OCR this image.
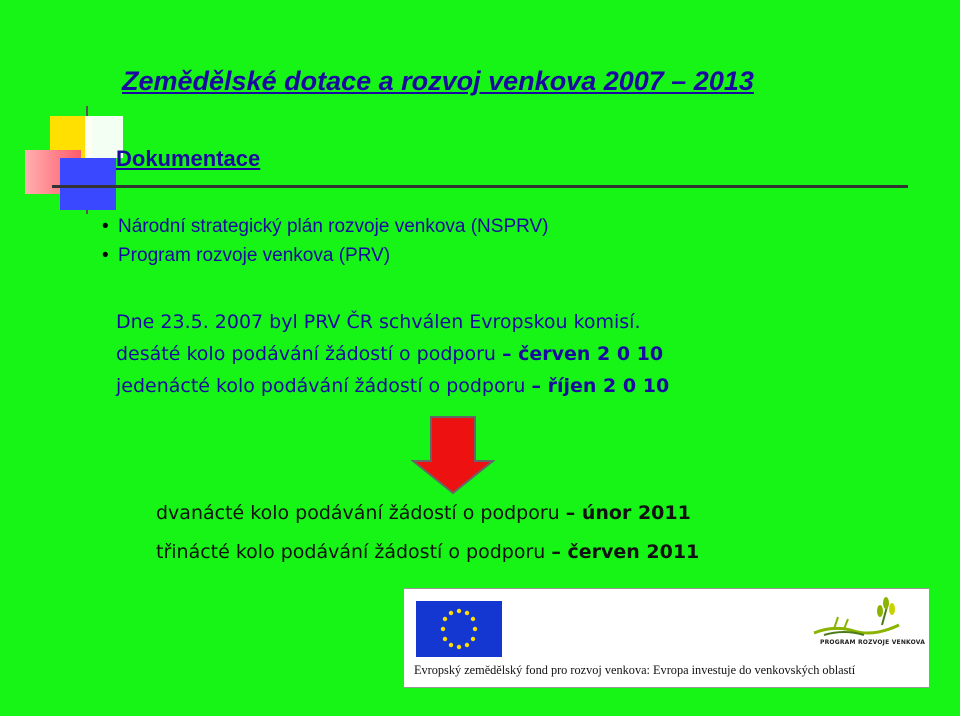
Zemědělské dotace a rozvoj venkova 2007 – 2013
Dokumentace
• Národní strategický plán rozvoje venkova (NSPRV)
• Program rozvoje venkova (PRV)
Dne 23.5. 2007 byl PRV ČR schválen Evropskou komisí.
desáté kolo podávání žádostí o podporu – červen 2 0 10
jedenácté kolo podávání žádostí o podporu – říjen 2 0 10
dvanácté kolo podávání žádostí o podporu – únor 2011
třinácté kolo podávání žádostí o podporu – červen 2011
PROGRAM ROZVOJE VENKOVA
Evropský zemědělský fond pro rozvoj venkova: Evropa investuje do venkovských oblastí
